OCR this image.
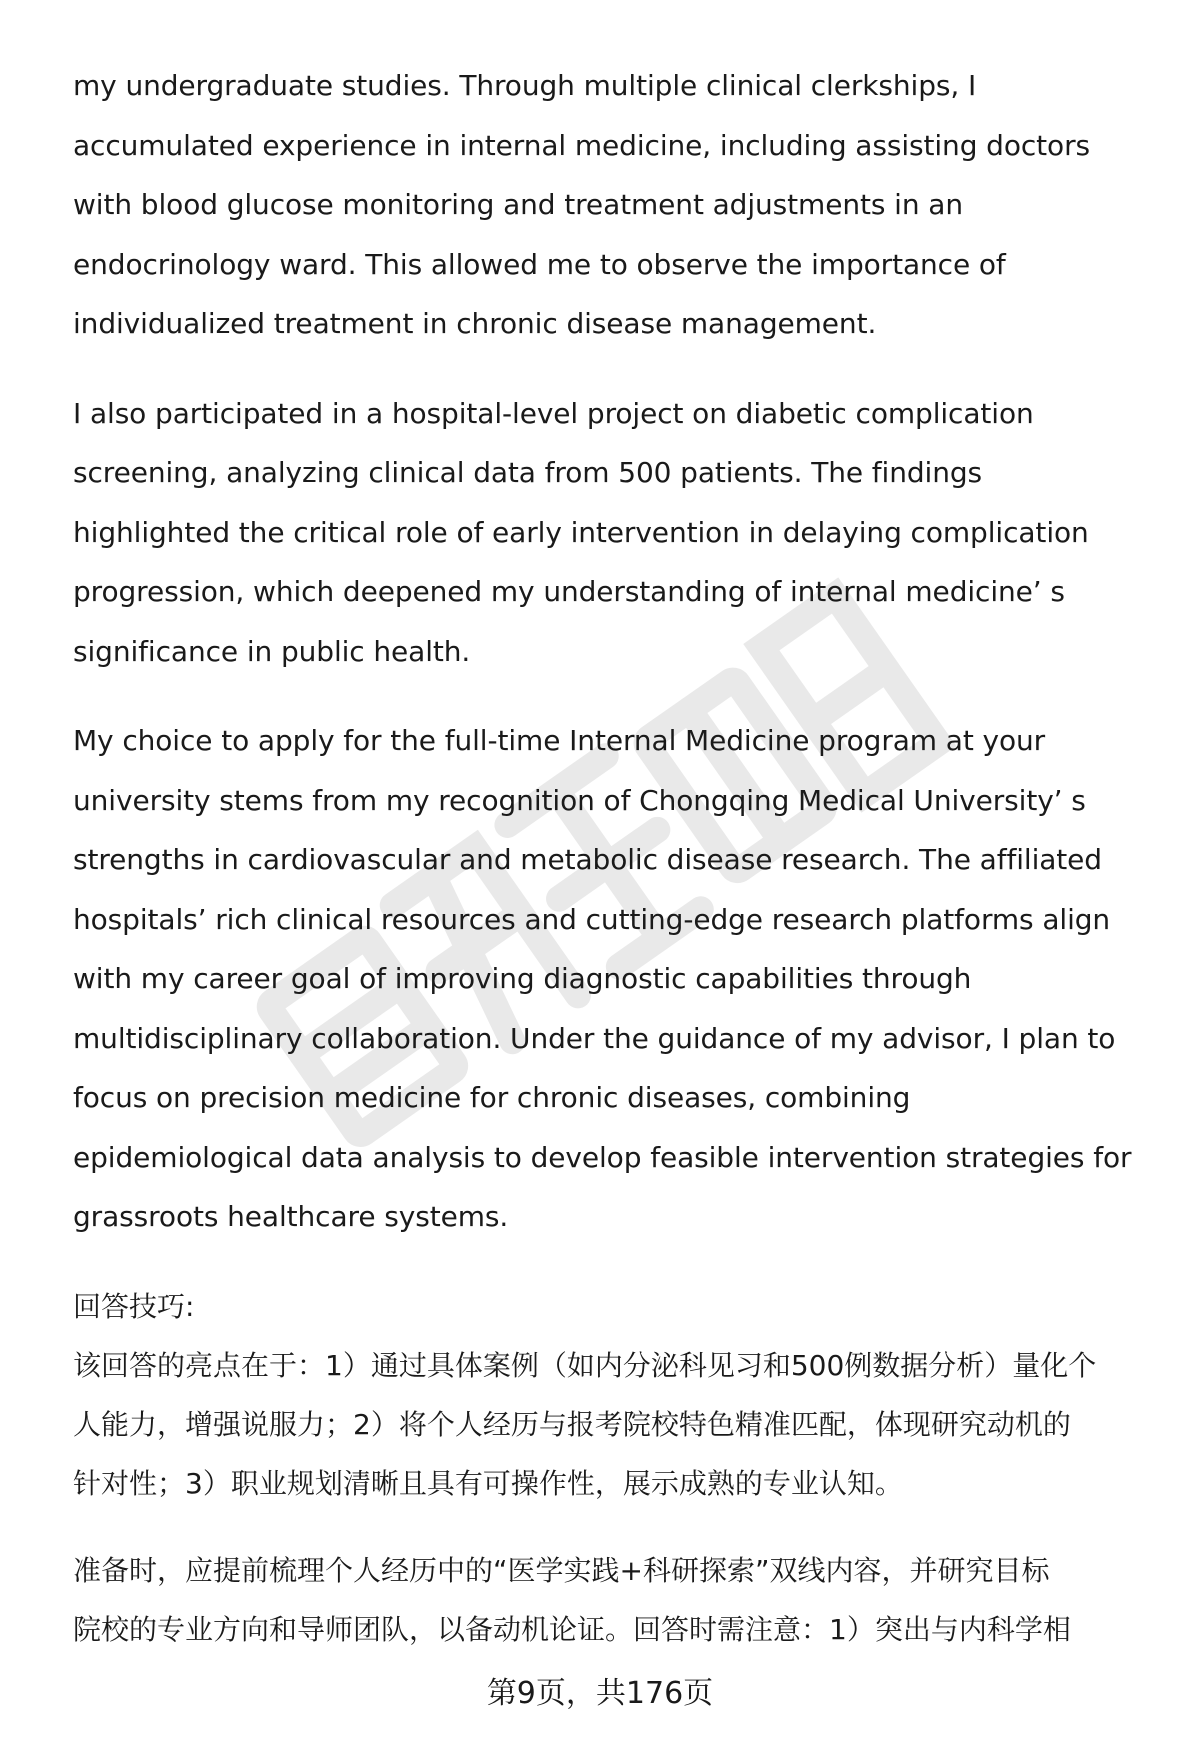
my undergraduate studies. Through multiple clinical clerkships, I
accumulated experience in internal medicine, including assisting doctors
with blood glucose monitoring and treatment adjustments in an
endocrinology ward. This allowed me to observe the importance of
individualized treatment in chronic disease management.

I also participated in a hospital-level project on diabetic complication
screening, analyzing clinical data from 500 patients. The findings
highlighted the critical role of early intervention in delaying complication
progression, which deepened my understanding of internal medicine’ s
significance in public health.

My choice to apply for the full-time Internal Medicine program at your
university stems from my recognition of Chongqing Medical University’ s
strengths in cardiovascular and metabolic disease research. The affiliated
hospitals’ rich clinical resources and cutting-edge research platforms align
with my career goal of improving diagnostic capabilities through
multidisciplinary collaboration. Under the guidance of my advisor, I plan to
focus on precision medicine for chronic diseases, combining
epidemiological data analysis to develop feasible intervention strategies for
grassroots healthcare systems.

回答技巧:

该回答的亮点在于：1）通过具体案例（如内分泌科见习和500例数据分析）量化个
人能力，增强说服力；2）将个人经历与报考院校特色精准匹配，体现研究动机的
针对性；3）职业规划清晰且具有可操作性，展示成熟的专业认知。

准备时，应提前梳理个人经历中的“医学实践+科研探索”双线内容，并研究目标
院校的专业方向和导师团队，以备动机论证。回答时需注意：1）突出与内科学相

第9页，共176页
